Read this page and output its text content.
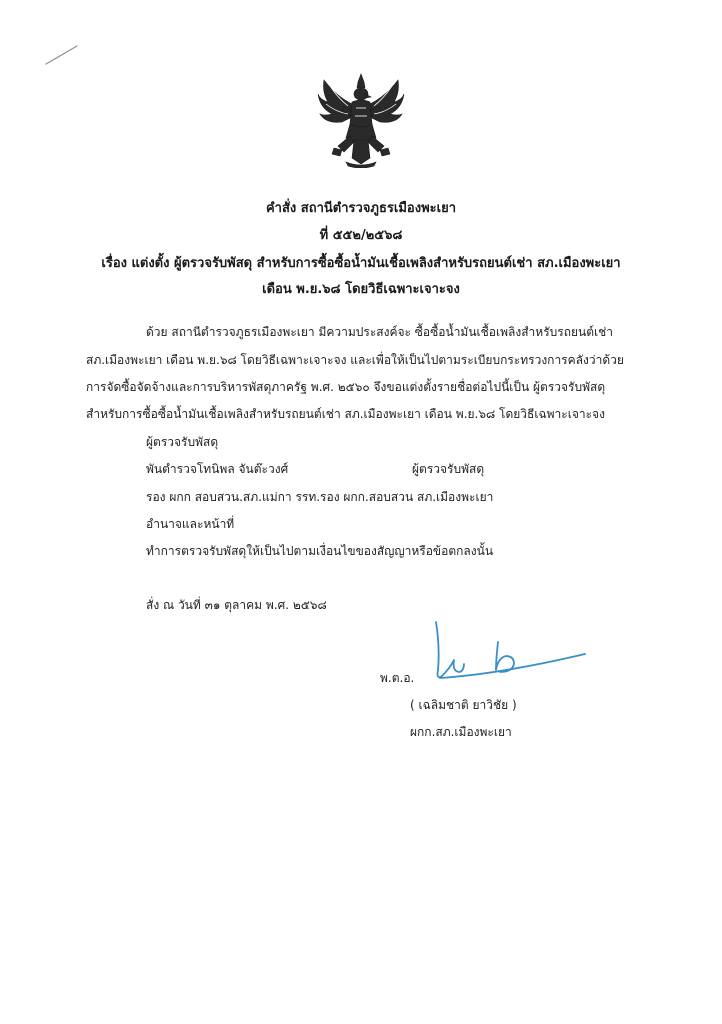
คำสั่ง สถานีตำรวจภูธรเมืองพะเยา
ที่ ๕๕๒/๒๕๖๘
เรื่อง แต่งตั้ง ผู้ตรวจรับพัสดุ สำหรับการซื้อซื้อน้ำมันเชื้อเพลิงสำหรับรถยนต์เช่า สภ.เมืองพะเยา
เดือน พ.ย.๖๘ โดยวิธีเฉพาะเจาะจง
ด้วย สถานีตำรวจภูธรเมืองพะเยา มีความประสงค์จะ ซื้อซื้อน้ำมันเชื้อเพลิงสำหรับรถยนต์เช่า
สภ.เมืองพะเยา เดือน พ.ย.๖๘ โดยวิธีเฉพาะเจาะจง และเพื่อให้เป็นไปตามระเบียบกระทรวงการคลังว่าด้วย
การจัดซื้อจัดจ้างและการบริหารพัสดุภาครัฐ พ.ศ. ๒๕๖๐ จึงขอแต่งตั้งรายชื่อต่อไปนี้เป็น ผู้ตรวจรับพัสดุ
สำหรับการซื้อซื้อน้ำมันเชื้อเพลิงสำหรับรถยนต์เช่า สภ.เมืองพะเยา เดือน พ.ย.๖๘ โดยวิธีเฉพาะเจาะจง
ผู้ตรวจรับพัสดุ
พันตำรวจโทนิพล จันต๊ะวงศ์	ผู้ตรวจรับพัสดุ
รอง ผกก สอบสวน.สภ.แม่กา รรท.รอง ผกก.สอบสวน สภ.เมืองพะเยา
อำนาจและหน้าที่
ทำการตรวจรับพัสดุให้เป็นไปตามเงื่อนไขของสัญญาหรือข้อตกลงนั้น
สั่ง ณ วันที่ ๓๑ ตุลาคม พ.ศ. ๒๕๖๘
พ.ต.อ.
( เฉลิมชาติ ยาวิชัย )
ผกก.สภ.เมืองพะเยา
